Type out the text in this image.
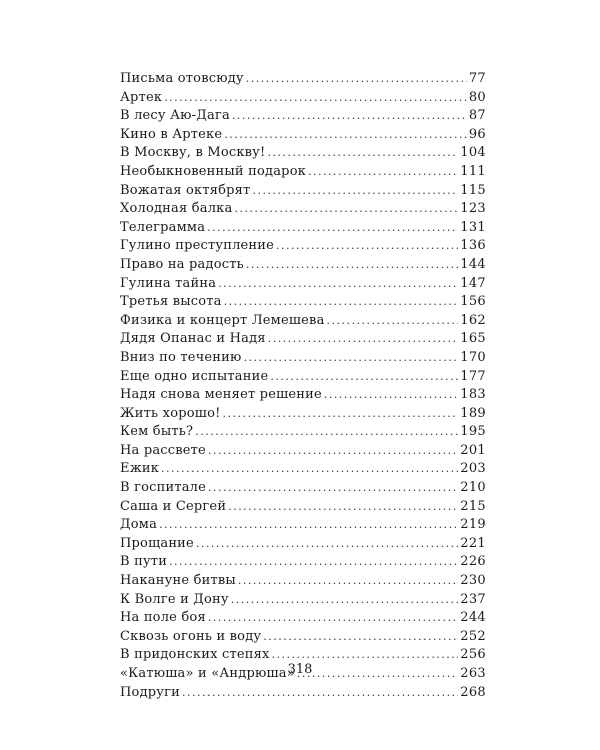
Письма отовсюду . . .	77
Артек . . .	80
В лесу Аю-Дага . . .	87
Кино в Артеке . . .	96
В Москву, в Москву! . . .	104
Необыкновенный подарок . . .	111
Вожатая октябрят . . .	115
Холодная балка . . .	123
Телеграмма . . .	131
Гулино преступление . . .	136
Право на радость . . .	144
Гулина тайна . . .	147
Третья высота . . .	156
Физика и концерт Лемешева . . .	162
Дядя Опанас и Надя . . .	165
Вниз по течению . . .	170
Еще одно испытание . . .	177
Надя снова меняет решение . . .	183
Жить хорошо! . . .	189
Кем быть? . . .	195
На рассвете . . .	201
Ежик . . .	203
В госпитале . . .	210
Саша и Сергей . . .	215
Дома . . .	219
Прощание . . .	221
В пути . . .	226
Накануне битвы . . .	230
К Волге и Дону . . .	237
На поле боя . . .	244
Сквозь огонь и воду . . .	252
В придонских степях . . .	256
«Катюша» и «Андрюша» . . .	263
Подруги . . .	268
318
